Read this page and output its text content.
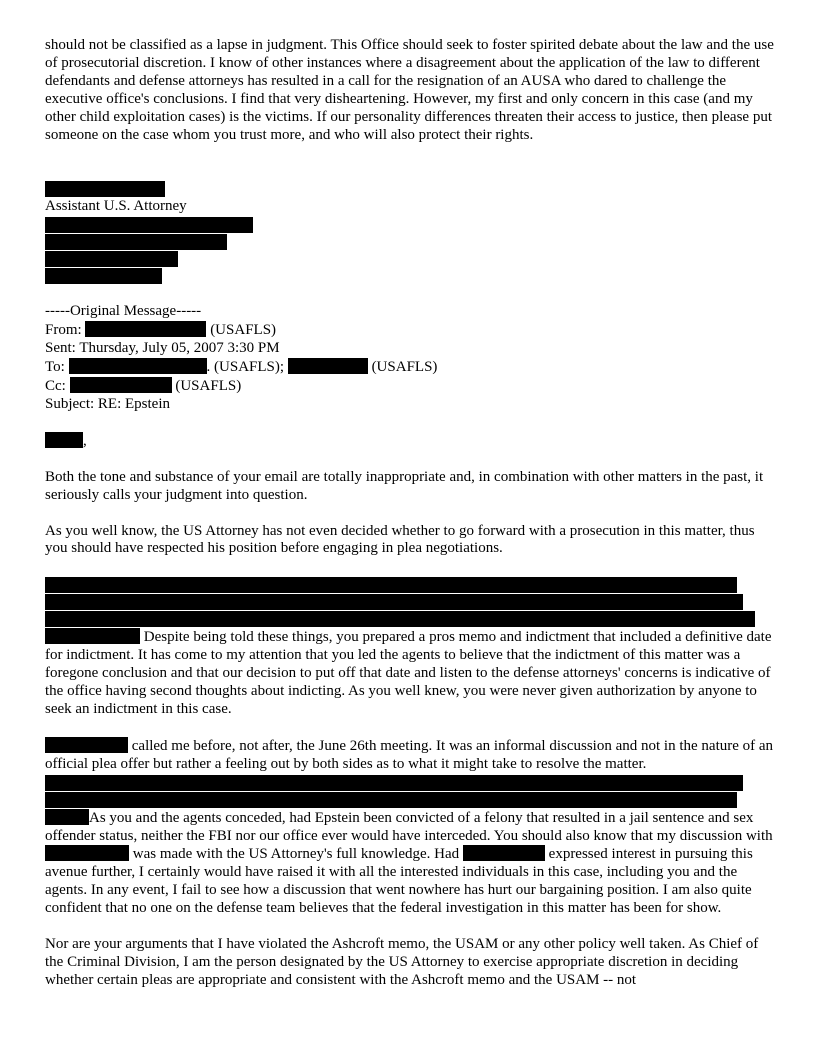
should not be classified as a lapse in judgment. This Office should seek to foster spirited debate about the law and the use of prosecutorial discretion. I know of other instances where a disagreement about the application of the law to different defendants and defense attorneys has resulted in a call for the resignation of an AUSA who dared to challenge the executive office's conclusions. I find that very disheartening. However, my first and only concern in this case (and my other child exploitation cases) is the victims. If our personality differences threaten their access to justice, then please put someone on the case whom you trust more, and who will also protect their rights.

Assistant U.S. Attorney
-----Original Message-----
From:	(USAFLS)
Sent: Thursday, July 05, 2007 3:30 PM
To:	. (USAFLS);	(USAFLS)
Cc:	(USAFLS)
Subject: RE: Epstein

,

Both the tone and substance of your email are totally inappropriate and, in combination with other matters in the past, it seriously calls your judgment into question.

As you well know, the US Attorney has not even decided whether to go forward with a prosecution in this matter, thus you should have respected his position before engaging in plea negotiations.

Despite being told these things, you prepared a pros memo and indictment that included a definitive date for indictment. It has come to my attention that you led the agents to believe that the indictment of this matter was a foregone conclusion and that our decision to put off that date and listen to the defense attorneys' concerns is indicative of the office having second thoughts about indicting. As you well knew, you were never given authorization by anyone to seek an indictment in this case.

called me before, not after, the June 26th meeting. It was an informal discussion and not in the nature of an official plea offer but rather a feeling out by both sides as to what it might take to resolve the matter.

As you and the agents conceded, had Epstein been convicted of a felony that resulted in a jail sentence and sex offender status, neither the FBI nor our office ever would have interceded. You should also know that my discussion with  was made with the US Attorney's full knowledge. Had	expressed interest in pursuing this avenue further, I certainly would have raised it with all the interested individuals in this case, including you and the agents. In any event, I fail to see how a discussion that went nowhere has hurt our bargaining position. I am also quite confident that no one on the defense team believes that the federal investigation in this matter has been for show.

Nor are your arguments that I have violated the Ashcroft memo, the USAM or any other policy well taken. As Chief of the Criminal Division, I am the person designated by the US Attorney to exercise appropriate discretion in deciding whether certain pleas are appropriate and consistent with the Ashcroft memo and the USAM -- not
